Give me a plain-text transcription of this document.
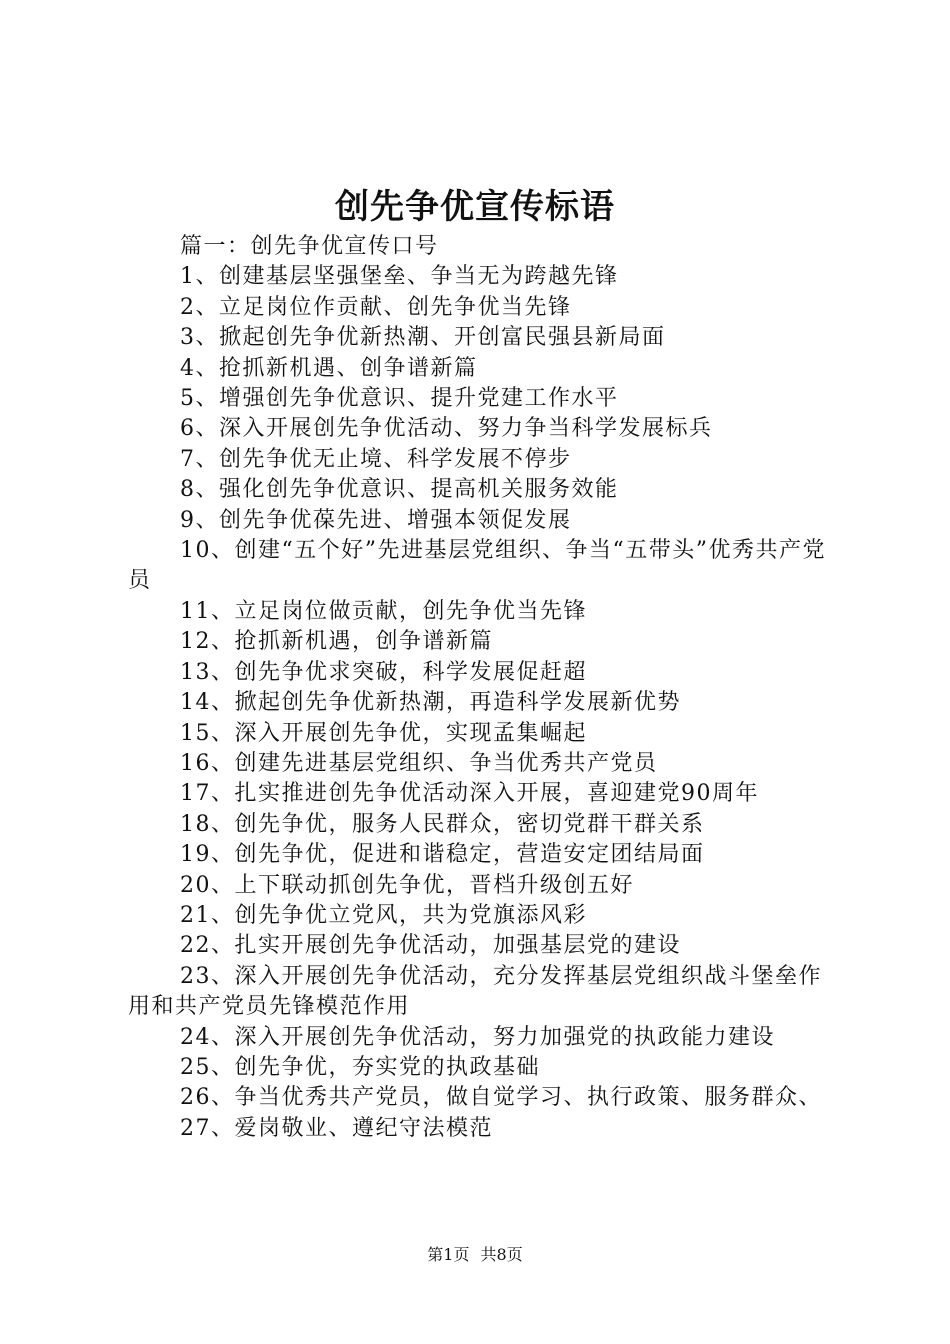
创先争优宣传标语

篇一：创先争优宣传口号

1、创建基层坚强堡垒、争当无为跨越先锋

2、立足岗位作贡献、创先争优当先锋

3、掀起创先争优新热潮、开创富民强县新局面

4、抢抓新机遇、创争谱新篇

5、增强创先争优意识、提升党建工作水平

6、深入开展创先争优活动、努力争当科学发展标兵

7、创先争优无止境、科学发展不停步

8、强化创先争优意识、提高机关服务效能

9、创先争优葆先进、增强本领促发展

10、创建“五个好”先进基层党组织、争当“五带头”优秀共产党员

11、立足岗位做贡献，创先争优当先锋

12、抢抓新机遇，创争谱新篇

13、创先争优求突破，科学发展促赶超

14、掀起创先争优新热潮，再造科学发展新优势

15、深入开展创先争优，实现孟集崛起

16、创建先进基层党组织、争当优秀共产党员

17、扎实推进创先争优活动深入开展，喜迎建党90周年

18、创先争优，服务人民群众，密切党群干群关系

19、创先争优，促进和谐稳定，营造安定团结局面

20、上下联动抓创先争优，晋档升级创五好

21、创先争优立党风，共为党旗添风彩

22、扎实开展创先争优活动，加强基层党的建设

23、深入开展创先争优活动，充分发挥基层党组织战斗堡垒作用和共产党员先锋模范作用

24、深入开展创先争优活动，努力加强党的执政能力建设

25、创先争优，夯实党的执政基础

26、争当优秀共产党员，做自觉学习、执行政策、服务群众、

27、爱岗敬业、遵纪守法模范

第1页 共8页
